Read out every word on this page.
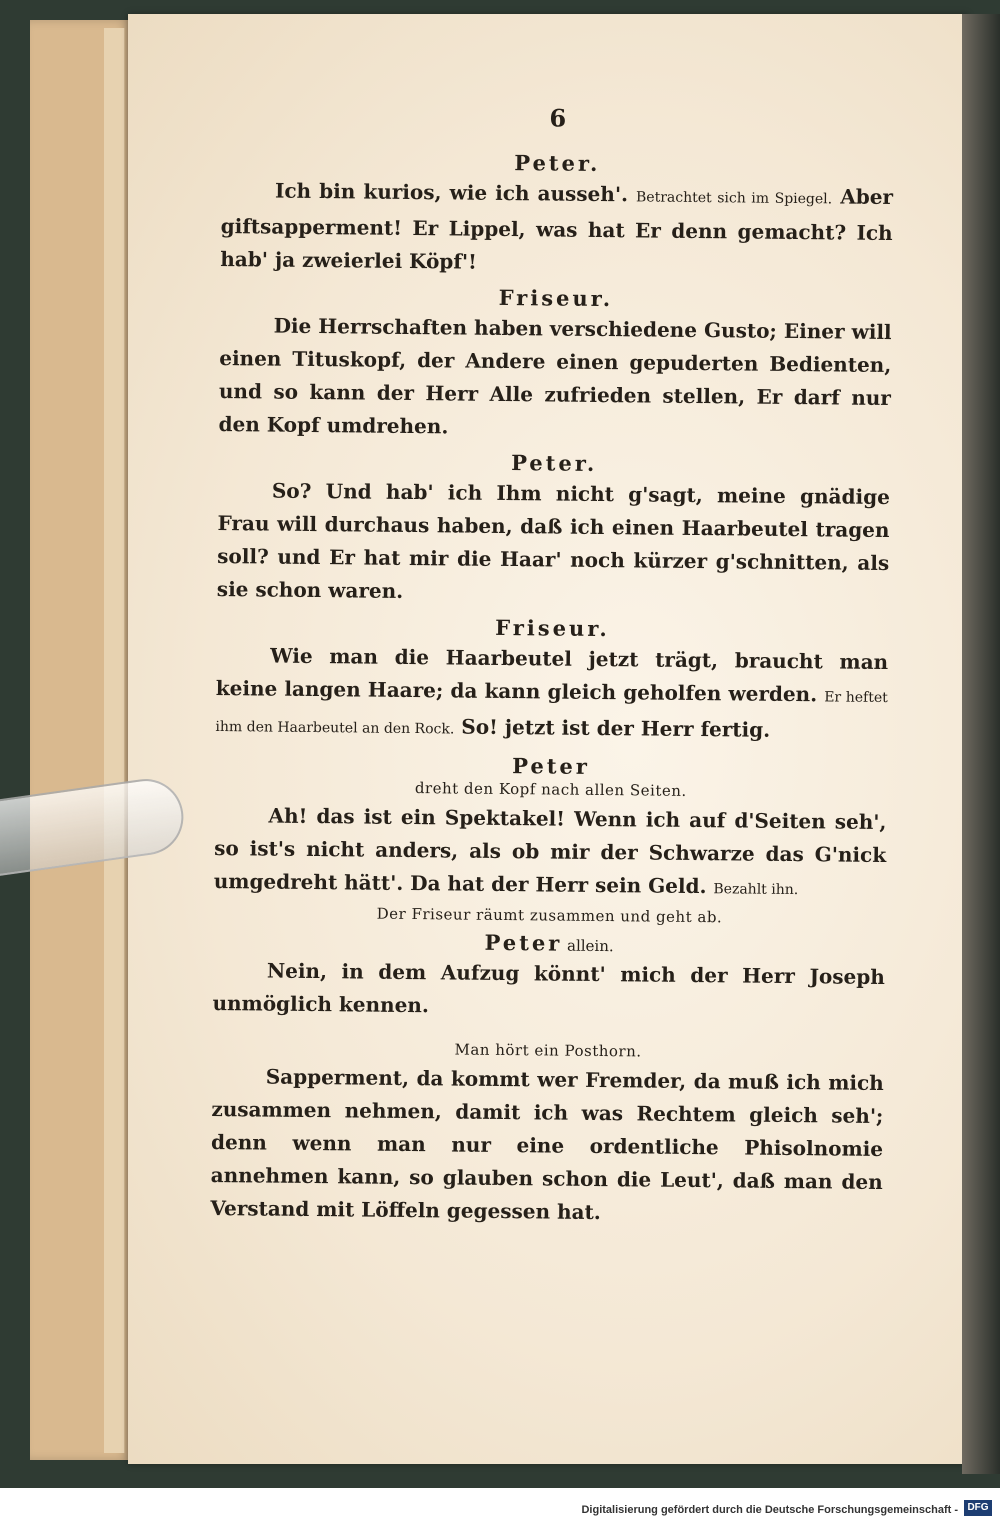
6
Peter.

Ich bin kurios, wie ich ausseh'. Betrachtet sich im Spiegel. Aber giftsapperment! Er Lippel, was hat Er denn gemacht? Ich hab' ja zweierlei Köpf'!

Friseur.

Die Herrschaften haben verschiedene Gusto; Einer will einen Tituskopf, der Andere einen gepuderten Bedienten, und so kann der Herr Alle zufrieden stellen, Er darf nur den Kopf umdrehen.

Peter.

So? Und hab' ich Ihm nicht g'sagt, meine gnädige Frau will durchaus haben, daß ich einen Haarbeutel tragen soll? und Er hat mir die Haar' noch kürzer g'schnitten, als sie schon waren.

Friseur.

Wie man die Haarbeutel jetzt trägt, braucht man keine langen Haare; da kann gleich geholfen werden. Er heftet ihm den Haarbeutel an den Rock. So! jetzt ist der Herr fertig.

Peter
dreht den Kopf nach allen Seiten.

Ah! das ist ein Spektakel! Wenn ich auf d'Seiten seh', so ist's nicht anders, als ob mir der Schwarze das G'nick umgedreht hätt'. Da hat der Herr sein Geld. Bezahlt ihn.

Der Friseur räumt zusammen und geht ab.
Peter allein.

Nein, in dem Aufzug könnt' mich der Herr Joseph unmöglich kennen.

Man hört ein Posthorn.

Sapperment, da kommt wer Fremder, da muß ich mich zusammen nehmen, damit ich was Rechtem gleich seh'; denn wenn man nur eine ordentliche Phisolnomie annehmen kann, so glauben schon die Leut', daß man den Verstand mit Löffeln gegessen hat.

Digitalisierung gefördert durch die Deutsche Forschungsgemeinschaft - DFG
